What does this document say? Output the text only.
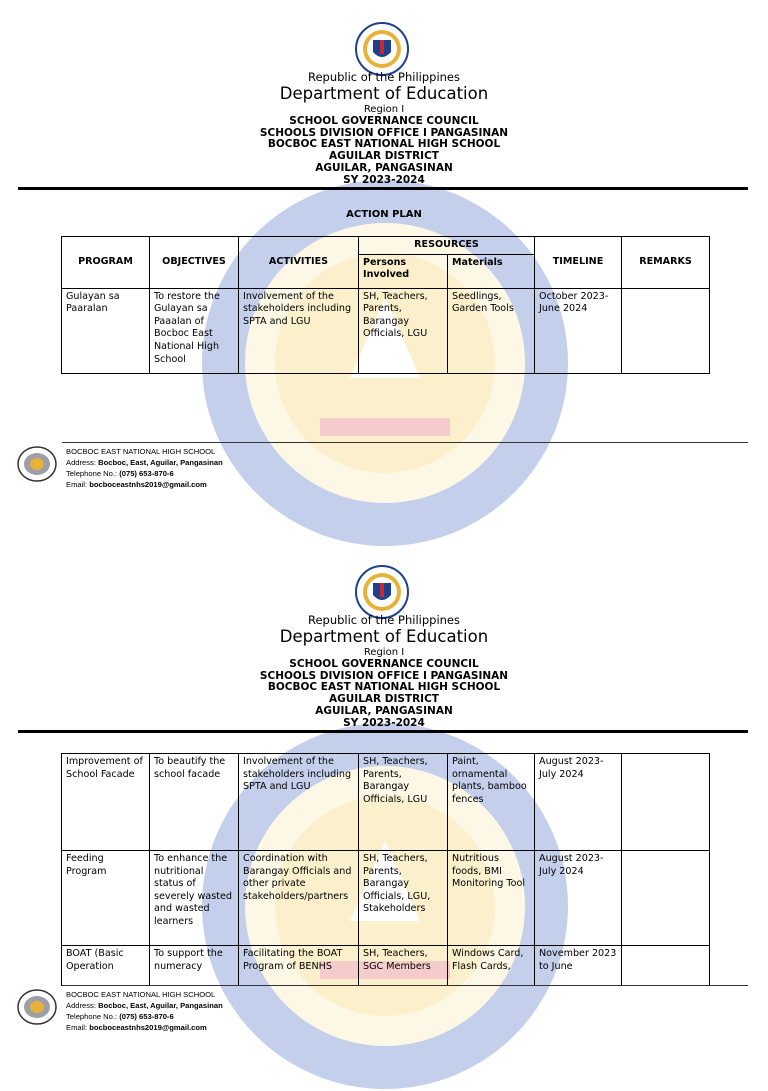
Republic of the Philippines
Department of Education
Region I
SCHOOL GOVERNANCE COUNCIL
SCHOOLS DIVISION OFFICE I PANGASINAN
BOCBOC EAST NATIONAL HIGH SCHOOL
AGUILAR DISTRICT
AGUILAR, PANGASINAN
SY 2023-2024
ACTION PLAN
PROGRAM	OBJECTIVES	ACTIVITIES	RESOURCES		TIMELINE	REMARKS
			Persons Involved	Materials		
Gulayan sa Paaralan	To restore the Gulayan sa Paaalan of Bocboc East National High School	Involvement of the stakeholders including SPTA and LGU	SH, Teachers, Parents, Barangay Officials, LGU	Seedlings, Garden Tools	October 2023-June 2024	
BOCBOC EAST NATIONAL HIGH SCHOOL
Address: Bocboc, East, Aguilar, Pangasinan
Telephone No.: (075) 653-870-6
Email: bocboceastnhs2019@gmail.com
Republic of the Philippines
Department of Education
Region I
SCHOOL GOVERNANCE COUNCIL
SCHOOLS DIVISION OFFICE I PANGASINAN
BOCBOC EAST NATIONAL HIGH SCHOOL
AGUILAR DISTRICT
AGUILAR, PANGASINAN
SY 2023-2024
Improvement of School Facade	To beautify the school facade	Involvement of the stakeholders including SPTA and LGU	SH, Teachers, Parents, Barangay Officials, LGU	Paint, ornamental plants, bamboo fences	August 2023-July 2024	
Feeding Program	To enhance the nutritional status of severely wasted and wasted learners	Coordination with Barangay Officials and other private stakeholders/partners	SH, Teachers, Parents, Barangay Officials, LGU, Stakeholders	Nutritious foods, BMI Monitoring Tool	August 2023-July 2024	
BOAT (Basic Operation	To support the numeracy	Facilitating the BOAT Program of BENHS	SH, Teachers, SGC Members	Windows Card, Flash Cards,	November 2023 to June	
BOCBOC EAST NATIONAL HIGH SCHOOL
Address: Bocboc, East, Aguilar, Pangasinan
Telephone No.: (075) 653-870-6
Email: bocboceastnhs2019@gmail.com
